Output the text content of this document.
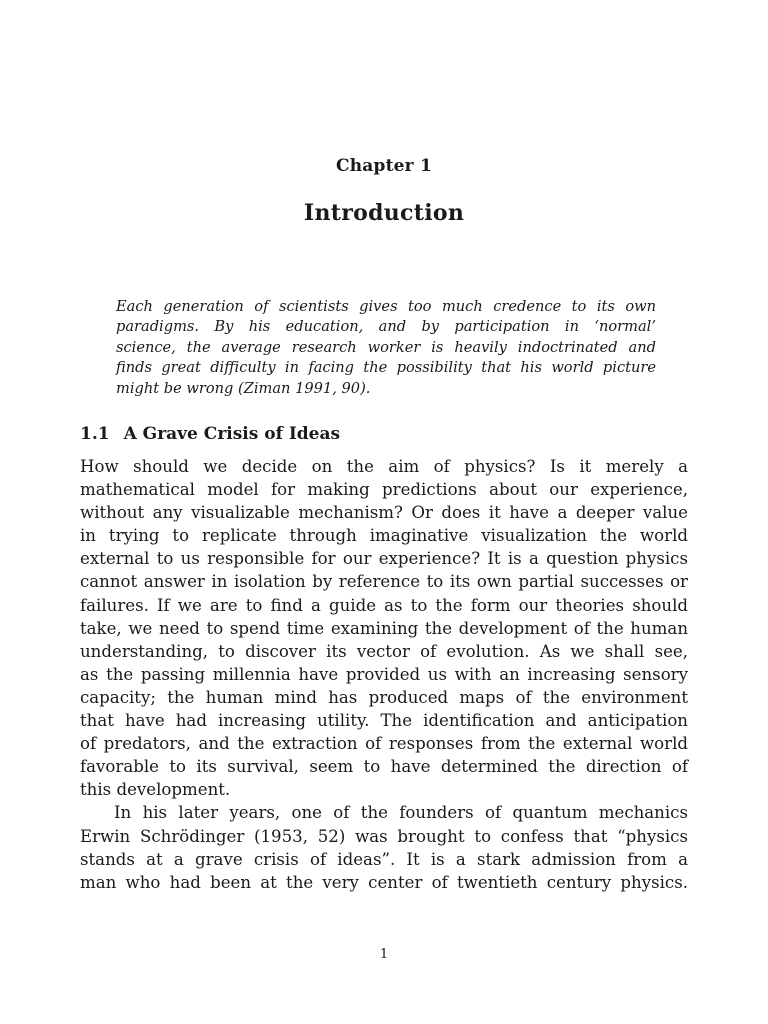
Chapter 1
Introduction
Each generation of scientists gives too much credence to its own
paradigms. By his education, and by participation in ‘normal’
science, the average research worker is heavily indoctrinated and
finds great difficulty in facing the possibility that his world picture
might be wrong (Ziman 1991, 90).
1.1 A Grave Crisis of Ideas
How should we decide on the aim of physics? Is it merely a
mathematical model for making predictions about our experience,
without any visualizable mechanism? Or does it have a deeper value
in trying to replicate through imaginative visualization the world
external to us responsible for our experience? It is a question physics
cannot answer in isolation by reference to its own partial successes or
failures. If we are to find a guide as to the form our theories should
take, we need to spend time examining the development of the human
understanding, to discover its vector of evolution. As we shall see,
as the passing millennia have provided us with an increasing sensory
capacity; the human mind has produced maps of the environment
that have had increasing utility. The identification and anticipation
of predators, and the extraction of responses from the external world
favorable to its survival, seem to have determined the direction of
this development.
In his later years, one of the founders of quantum mechanics
Erwin Schrödinger (1953, 52) was brought to confess that “physics
stands at a grave crisis of ideas”. It is a stark admission from a
man who had been at the very center of twentieth century physics.
1
